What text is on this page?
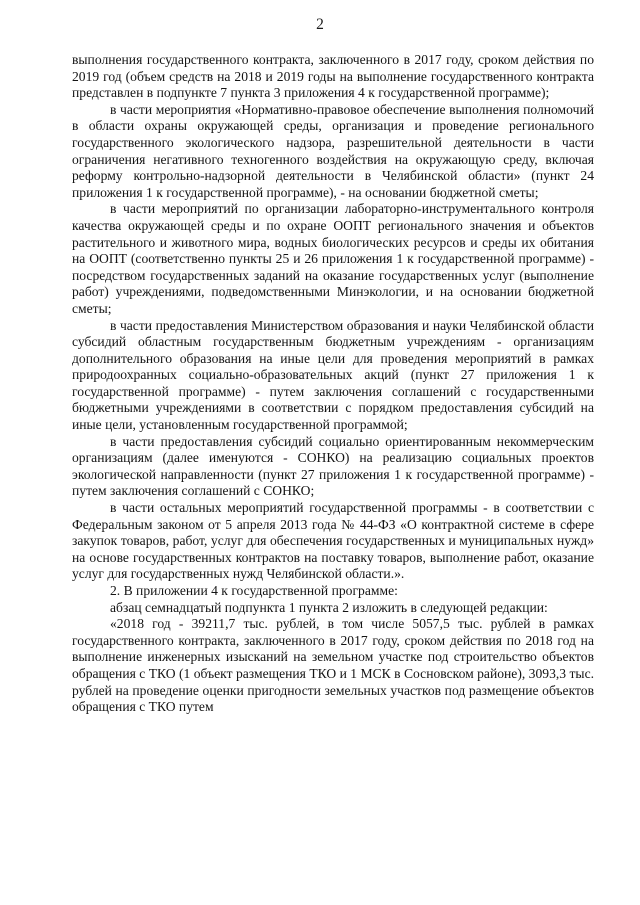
2

выполнения государственного контракта, заключенного в 2017 году, сроком действия по 2019 год (объем средств на 2018 и 2019 годы на выполнение государственного контракта представлен в подпункте 7 пункта 3 приложения 4 к государственной программе);

в части мероприятия «Нормативно-правовое обеспечение выполнения полномочий в области охраны окружающей среды, организация и проведение регионального государственного экологического надзора, разрешительной деятельности в части ограничения негативного техногенного воздействия на окружающую среду, включая реформу контрольно-надзорной деятельности в Челябинской области» (пункт 24 приложения 1 к государственной программе), - на основании бюджетной сметы;

в части мероприятий по организации лабораторно-инструментального контроля качества окружающей среды и по охране ООПТ регионального значения и объектов растительного и животного мира, водных биологических ресурсов и среды их обитания на ООПТ (соответственно пункты 25 и 26 приложения 1 к государственной программе) - посредством государственных заданий на оказание государственных услуг (выполнение работ) учреждениями, подведомственными Минэкологии, и на основании бюджетной сметы;

в части предоставления Министерством образования и науки Челябинской области субсидий областным государственным бюджетным учреждениям - организациям дополнительного образования на иные цели для проведения мероприятий в рамках природоохранных социально-образовательных акций (пункт 27 приложения 1 к государственной программе) - путем заключения соглашений с государственными бюджетными учреждениями в соответствии с порядком предоставления субсидий на иные цели, установленным государственной программой;

в части предоставления субсидий социально ориентированным некоммерческим организациям (далее именуются - СОНКО) на реализацию социальных проектов экологической направленности (пункт 27 приложения 1 к государственной программе) - путем заключения соглашений с СОНКО;

в части остальных мероприятий государственной программы - в соответствии с Федеральным законом от 5 апреля 2013 года № 44-ФЗ «О контрактной системе в сфере закупок товаров, работ, услуг для обеспечения государственных и муниципальных нужд» на основе государственных контрактов на поставку товаров, выполнение работ, оказание услуг для государственных нужд Челябинской области.».

2. В приложении 4 к государственной программе:

абзац семнадцатый подпункта 1 пункта 2 изложить в следующей редакции:

«2018 год - 39211,7 тыс. рублей, в том числе 5057,5 тыс. рублей в рамках государственного контракта, заключенного в 2017 году, сроком действия по 2018 год на выполнение инженерных изысканий на земельном участке под строительство объектов обращения с ТКО (1 объект размещения ТКО и 1 МСК в Сосновском районе), 3093,3 тыс. рублей на проведение оценки пригодности земельных участков под размещение объектов обращения с ТКО путем
